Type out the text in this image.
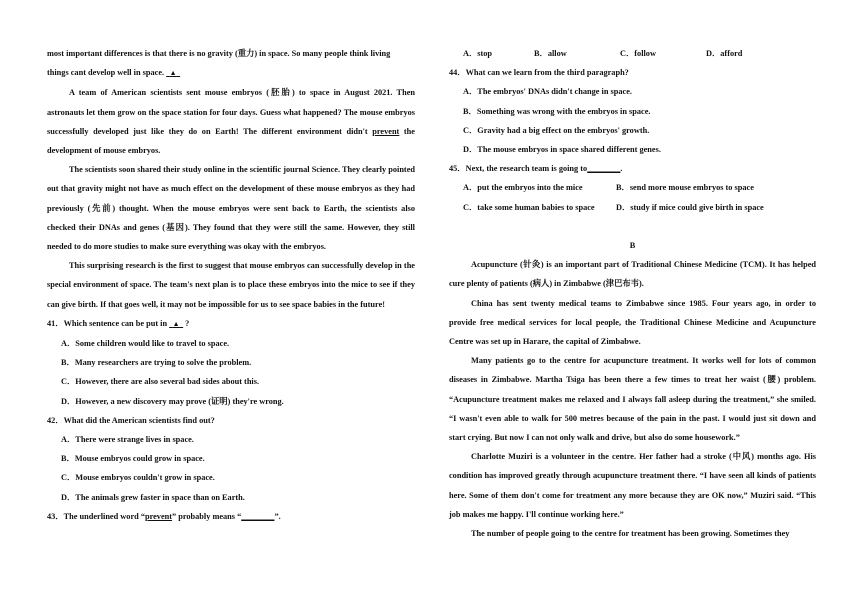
most important differences is that there is no gravity (重力) in space. So many people think living

things cant develop well in space.   ▲

A team of American scientists sent mouse embryos (胚胎) to space in August 2021. Then astronauts let them grow on the space station for four days. Guess what happened? The mouse embryos successfully developed just like they do on Earth! The different environment didn't prevent the development of mouse embryos.

The scientists soon shared their study online in the scientific journal Science. They clearly pointed out that gravity might not have as much effect on the development of these mouse embryos as they had previously (先前) thought. When the mouse embryos were sent back to Earth, the scientists also checked their DNAs and genes (基因). They found that they were still the same. However, they still needed to do more studies to make sure everything was okay with the embryos.

This surprising research is the first to suggest that mouse embryos can successfully develop in the special environment of space. The team's next plan is to place these embryos into the mice to see if they can give birth. If that goes well, it may not be impossible for us to see space babies in the future!

41．Which sentence can be put in   ▲   ?

A．Some children would like to travel to space.

B．Many researchers are trying to solve the problem.

C．However, there are also several bad sides about this.

D．However, a new discovery may prove (证明) they're wrong.

42．What did the American scientists find out?

A．There were strange lives in space.

B．Mouse embryos could grow in space.

C．Mouse embryos couldn't grow in space.

D．The animals grew faster in space than on Earth.

43．The underlined word “prevent” probably means “________”.

A．stop	B．allow	C．follow	D．afford

44．What can we learn from the third paragraph?

A．The embryos' DNAs didn't change in space.

B．Something was wrong with the embryos in space.

C．Gravity had a big effect on the embryos' growth.

D．The mouse embryos in space shared different genes.

45．Next, the research team is going to________.

A．put the embryos into the mice	B．send more mouse embryos to space

C．take some human babies to space	D．study if mice could give birth in space

B

Acupuncture (针灸) is an important part of Traditional Chinese Medicine (TCM). It has helped cure plenty of patients (病人) in Zimbabwe (津巴布韦).

China has sent twenty medical teams to Zimbabwe since 1985. Four years ago, in order to provide free medical services for local people, the Traditional Chinese Medicine and Acupuncture Centre was set up in Harare, the capital of Zimbabwe.

Many patients go to the centre for acupuncture treatment. It works well for lots of common diseases in Zimbabwe. Martha Tsiga has been there a few times to treat her waist (腰) problem. “Acupuncture treatment makes me relaxed and I always fall asleep during the treatment,” she smiled. “I wasn't even able to walk for 500 metres because of the pain in the past. I would just sit down and start crying. But now I can not only walk and drive, but also do some housework.”

Charlotte Muziri is a volunteer in the centre. Her father had a stroke (中风) months ago. His condition has improved greatly through acupuncture treatment there. “I have seen all kinds of patients here. Some of them don't come for treatment any more because they are OK now,” Muziri said. “This job makes me happy. I'll continue working here.”

The number of people going to the centre for treatment has been growing. Sometimes they
